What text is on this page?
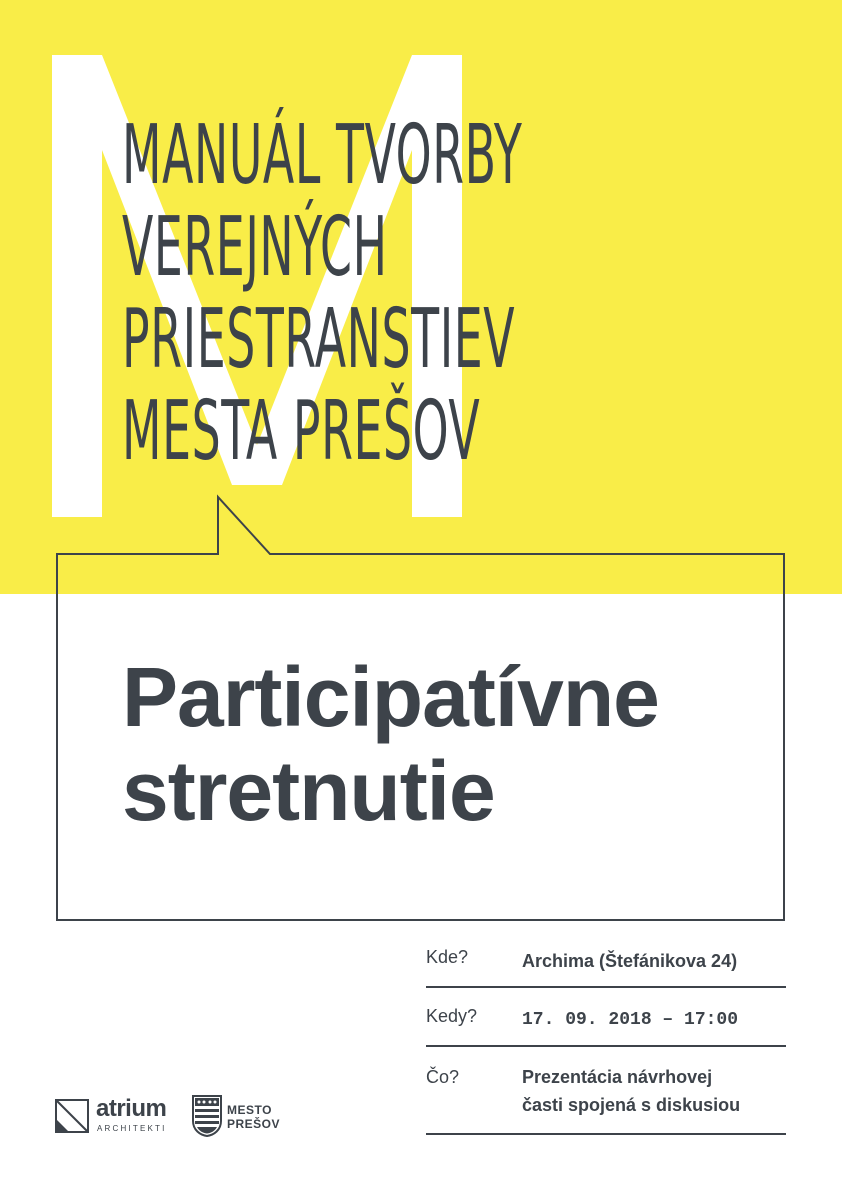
MANUÁL TVORBY
VEREJNÝCH
PRIESTRANSTIEV
MESTA PREŠOV
Participatívne
stretnutie
Kde?	Archima (Štefánikova 24)
Kedy? 17. 09. 2018 – 17:00
Čo?	Prezentácia návrhovej
časti spojená s diskusiou
atrium
ARCHITEKTI
MESTO
PREŠOV
